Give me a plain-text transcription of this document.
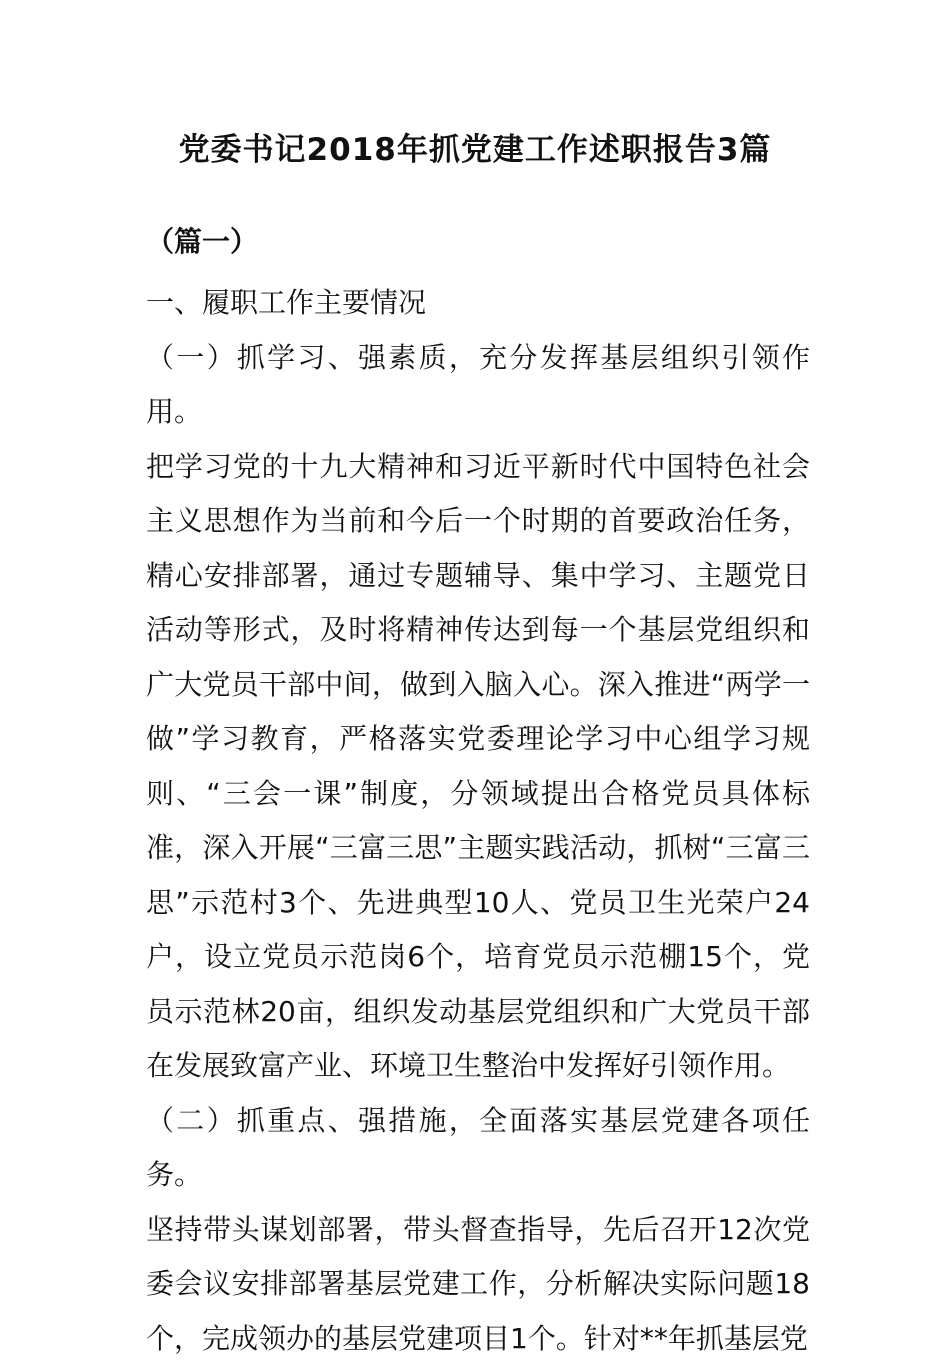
党委书记2018年抓党建工作述职报告3篇
（篇一）

一、履职工作主要情况

（一）抓学习、强素质，充分发挥基层组织引领作用。

把学习党的十九大精神和习近平新时代中国特色社会主义思想作为当前和今后一个时期的首要政治任务，精心安排部署，通过专题辅导、集中学习、主题党日活动等形式，及时将精神传达到每一个基层党组织和广大党员干部中间，做到入脑入心。深入推进“两学一做”学习教育，严格落实党委理论学习中心组学习规则、“三会一课”制度，分领域提出合格党员具体标准，深入开展“三富三思”主题实践活动，抓树“三富三思”示范村3个、先进典型10人、党员卫生光荣户24户，设立党员示范岗6个，培育党员示范棚15个，党员示范林20亩，组织发动基层党组织和广大党员干部在发展致富产业、环境卫生整治中发挥好引领作用。

（二）抓重点、强措施，全面落实基层党建各项任务。

坚持带头谋划部署，带头督查指导，先后召开12次党委会议安排部署基层党建工作，分析解决实际问题18个，完成领办的基层党建项目1个。针对**年抓基层党
